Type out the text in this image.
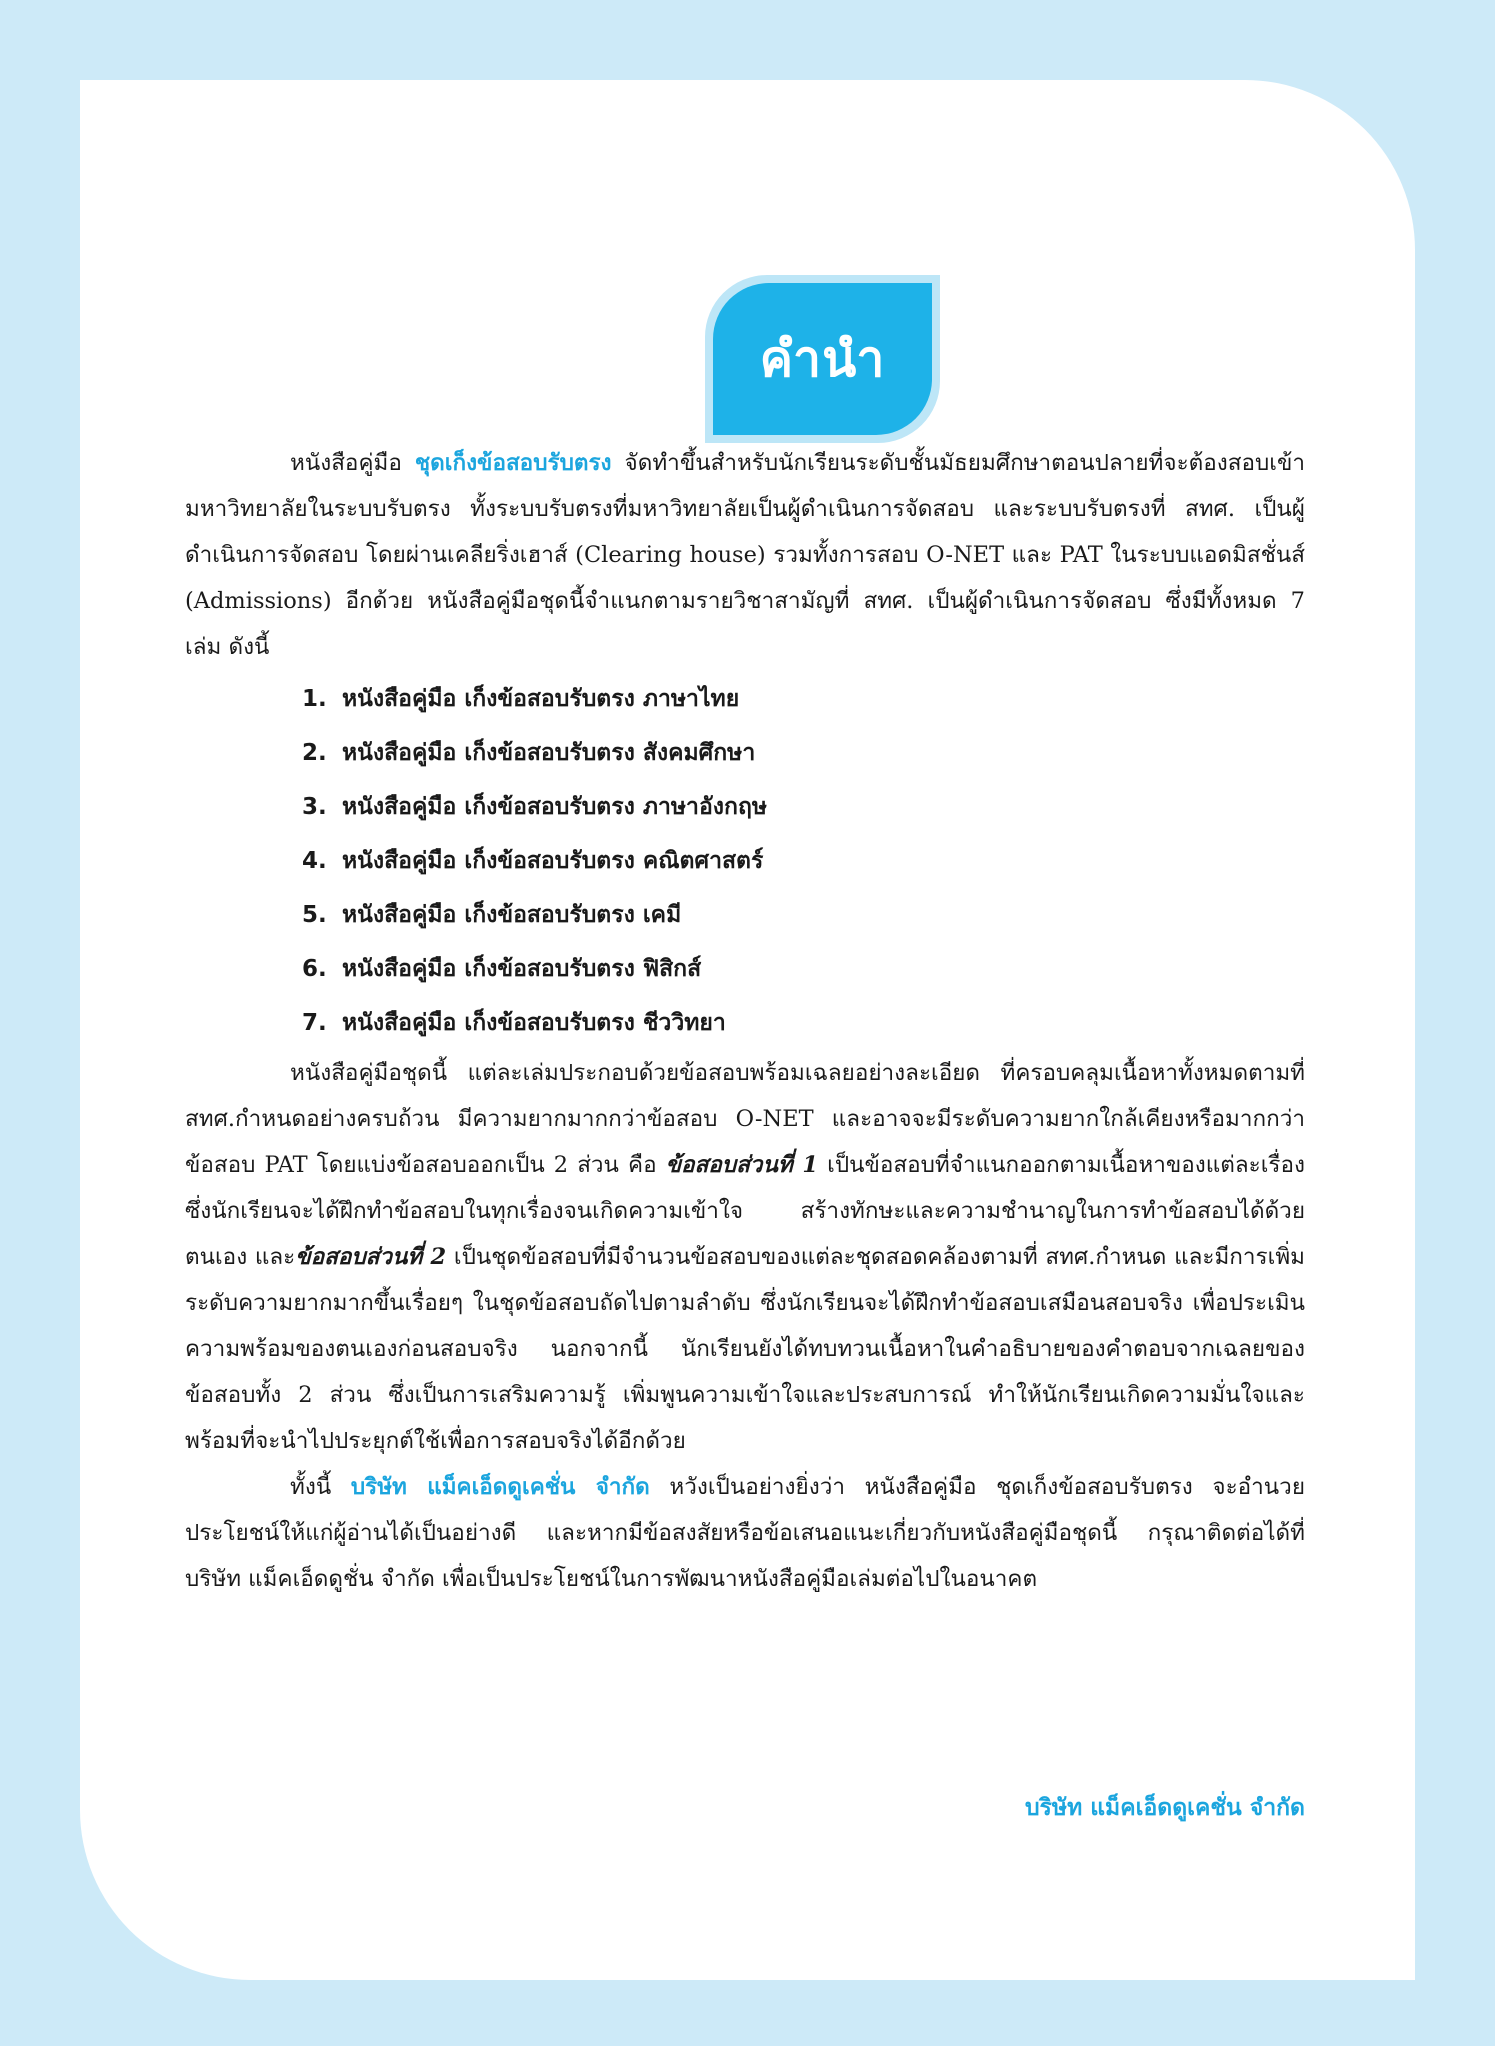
คำนำ

หนังสือคู่มือ ชุดเก็งข้อสอบรับตรง จัดทำขึ้นสำหรับนักเรียนระดับชั้นมัธยมศึกษาตอนปลายที่จะต้องสอบเข้ามหาวิทยาลัยในระบบรับตรง ทั้งระบบรับตรงที่มหาวิทยาลัยเป็นผู้ดำเนินการจัดสอบ และระบบรับตรงที่ สทศ. เป็นผู้ดำเนินการจัดสอบ โดยผ่านเคลียริ่งเฮาส์ (Clearing house) รวมทั้งการสอบ O-NET และ PAT ในระบบแอดมิสชั่นส์ (Admissions) อีกด้วย หนังสือคู่มือชุดนี้จำแนกตามรายวิชาสามัญที่ สทศ. เป็นผู้ดำเนินการจัดสอบ ซึ่งมีทั้งหมด 7 เล่ม ดังนี้

1. หนังสือคู่มือ เก็งข้อสอบรับตรง ภาษาไทย
2. หนังสือคู่มือ เก็งข้อสอบรับตรง สังคมศึกษา
3. หนังสือคู่มือ เก็งข้อสอบรับตรง ภาษาอังกฤษ
4. หนังสือคู่มือ เก็งข้อสอบรับตรง คณิตศาสตร์
5. หนังสือคู่มือ เก็งข้อสอบรับตรง เคมี
6. หนังสือคู่มือ เก็งข้อสอบรับตรง ฟิสิกส์
7. หนังสือคู่มือ เก็งข้อสอบรับตรง ชีววิทยา

หนังสือคู่มือชุดนี้ แต่ละเล่มประกอบด้วยข้อสอบพร้อมเฉลยอย่างละเอียด ที่ครอบคลุมเนื้อหาทั้งหมดตามที่ สทศ.กำหนดอย่างครบถ้วน มีความยากมากกว่าข้อสอบ O-NET และอาจจะมีระดับความยากใกล้เคียงหรือมากกว่าข้อสอบ PAT โดยแบ่งข้อสอบออกเป็น 2 ส่วน คือ ข้อสอบส่วนที่ 1 เป็นข้อสอบที่จำแนกออกตามเนื้อหาของแต่ละเรื่อง ซึ่งนักเรียนจะได้ฝึกทำข้อสอบในทุกเรื่องจนเกิดความเข้าใจ สร้างทักษะและความชำนาญในการทำข้อสอบได้ด้วยตนเอง และข้อสอบส่วนที่ 2 เป็นชุดข้อสอบที่มีจำนวนข้อสอบของแต่ละชุดสอดคล้องตามที่ สทศ.กำหนด และมีการเพิ่มระดับความยากมากขึ้นเรื่อยๆ ในชุดข้อสอบถัดไปตามลำดับ ซึ่งนักเรียนจะได้ฝึกทำข้อสอบเสมือนสอบจริง เพื่อประเมินความพร้อมของตนเองก่อนสอบจริง นอกจากนี้ นักเรียนยังได้ทบทวนเนื้อหาในคำอธิบายของคำตอบจากเฉลยของข้อสอบทั้ง 2 ส่วน ซึ่งเป็นการเสริมความรู้ เพิ่มพูนความเข้าใจและประสบการณ์ ทำให้นักเรียนเกิดความมั่นใจและพร้อมที่จะนำไปประยุกต์ใช้เพื่อการสอบจริงได้อีกด้วย

ทั้งนี้ บริษัท แม็คเอ็ดดูเคชั่น จำกัด หวังเป็นอย่างยิ่งว่า หนังสือคู่มือ ชุดเก็งข้อสอบรับตรง จะอำนวยประโยชน์ให้แก่ผู้อ่านได้เป็นอย่างดี และหากมีข้อสงสัยหรือข้อเสนอแนะเกี่ยวกับหนังสือคู่มือชุดนี้ กรุณาติดต่อได้ที่ บริษัท แม็คเอ็ดดูชั่น จำกัด เพื่อเป็นประโยชน์ในการพัฒนาหนังสือคู่มือเล่มต่อไปในอนาคต

บริษัท แม็คเอ็ดดูเคชั่น จำกัด
